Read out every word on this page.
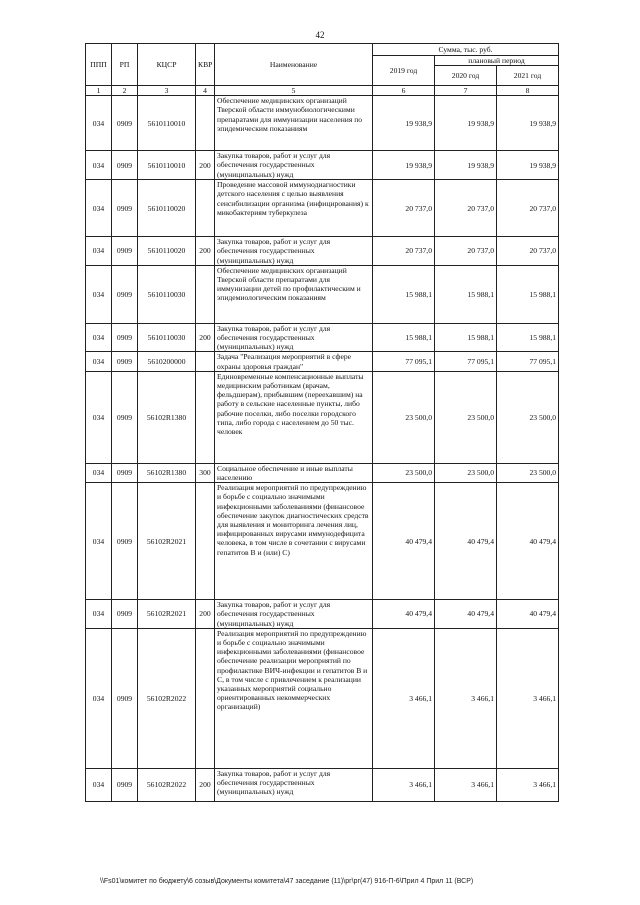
42
ППП	РП	КЦСР	КВР	Наименование	Сумма, тыс. руб.		
					2019 год	плановый период	
						2020 год	2021 год
1	2	3	4	5	6	7	8
034	0909	5610110010		Обеспечение медицинских организаций Тверской области иммунобиологическими препаратами для иммунизации населения по эпидемическим показаниям	19 938,9	19 938,9	19 938,9
034	0909	5610110010	200	Закупка товаров, работ и услуг для обеспечения государственных (муниципальных) нужд	19 938,9	19 938,9	19 938,9
034	0909	5610110020		Проведение массовой иммунодиагностики детского населения с целью выявления сенсибилизации организма (инфицирования) к микобактериям туберкулеза	20 737,0	20 737,0	20 737,0
034	0909	5610110020	200	Закупка товаров, работ и услуг для обеспечения государственных (муниципальных) нужд	20 737,0	20 737,0	20 737,0
034	0909	5610110030		Обеспечение медицинских организаций Тверской области препаратами для иммунизации детей по профилактическим и эпидемиологическим показаниям	15 988,1	15 988,1	15 988,1
034	0909	5610110030	200	Закупка товаров, работ и услуг для обеспечения государственных (муниципальных) нужд	15 988,1	15 988,1	15 988,1
034	0909	5610200000		Задача "Реализация мероприятий в сфере охраны здоровья граждан"	77 095,1	77 095,1	77 095,1
034	0909	56102R1380		Единовременные компенсационные выплаты медицинским работникам (врачам, фельдшерам), прибывшим (переехавшим) на работу в сельские населенные пункты, либо рабочие поселки, либо поселки городского типа, либо города с населением до 50 тыс. человек	23 500,0	23 500,0	23 500,0
034	0909	56102R1380	300	Социальное обеспечение и иные выплаты населению	23 500,0	23 500,0	23 500,0
034	0909	56102R2021		Реализация мероприятий по предупреждению и борьбе с социально значимыми инфекционными заболеваниями (финансовое обеспечение закупок диагностических средств для выявления и мониторинга лечения лиц, инфицированных вирусами иммунодефицита человека, в том числе в сочетании с вирусами гепатитов В и (или) С)	40 479,4	40 479,4	40 479,4
034	0909	56102R2021	200	Закупка товаров, работ и услуг для обеспечения государственных (муниципальных) нужд	40 479,4	40 479,4	40 479,4
034	0909	56102R2022		Реализация мероприятий по предупреждению и борьбе с социально значимыми инфекционными заболеваниями (финансовое обеспечение реализации мероприятий по профилактике ВИЧ-инфекции и гепатитов В и С, в том числе с привлечением к реализации указанных мероприятий социально ориентированных некоммерческих организаций)	3 466,1	3 466,1	3 466,1
034	0909	56102R2022	200	Закупка товаров, работ и услуг для обеспечения государственных (муниципальных) нужд	3 466,1	3 466,1	3 466,1
\\Fs01\комитет по бюджету\6 созыв\Документы комитета\47 заседание (11)\рг\рг(47) 916-П-6\Прил 4 Прил 11 (ВСР)
